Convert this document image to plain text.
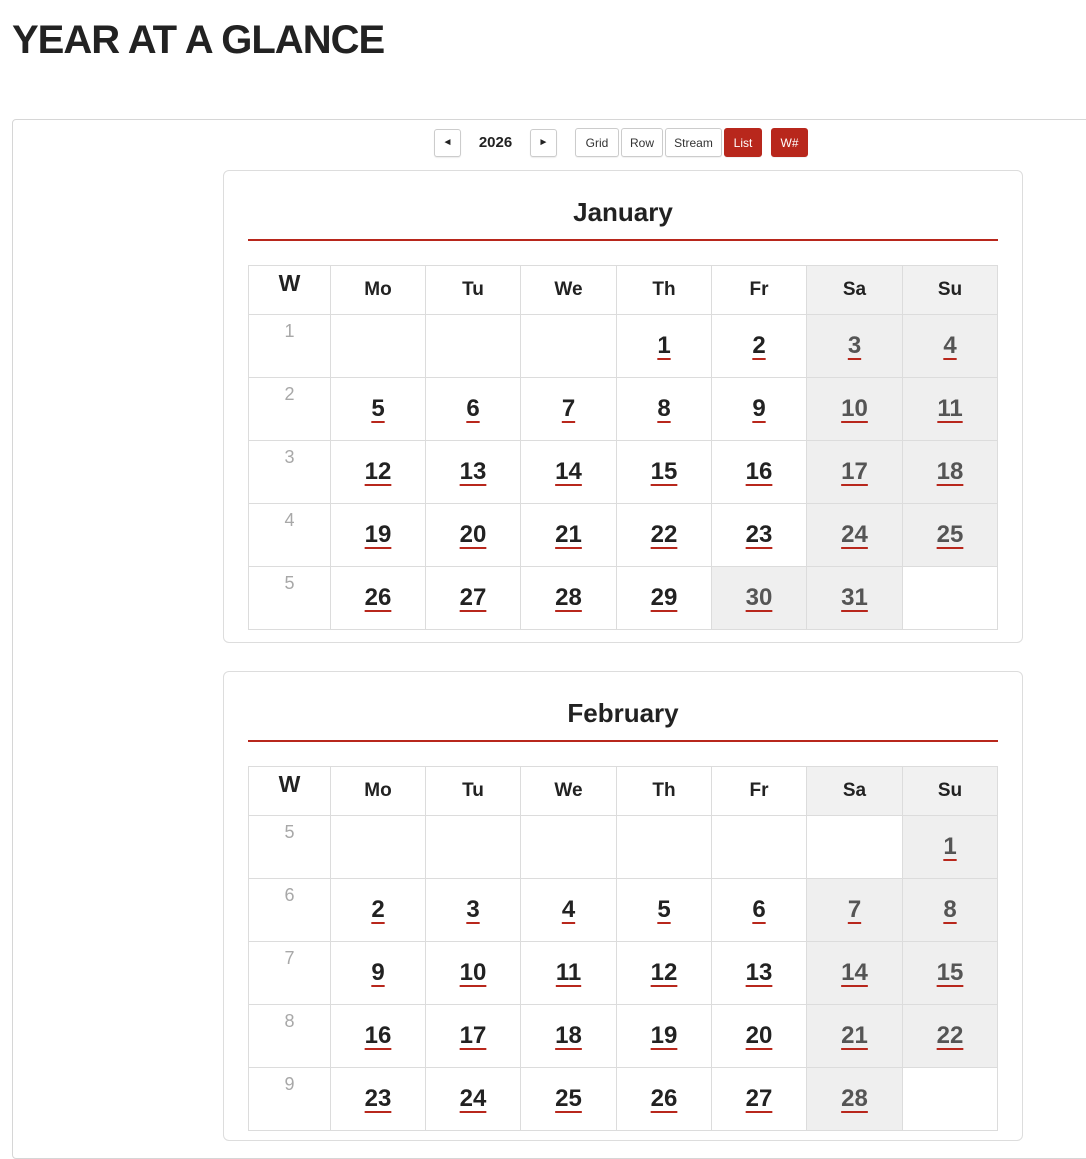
YEAR AT A GLANCE
◄	2026	►	Grid	Row	Stream	List	W#
January
W	Mo	Tu	We	Th	Fr	Sa	Su
1				1	2	3	4
2	5	6	7	8	9	10	11
3	12	13	14	15	16	17	18
4	19	20	21	22	23	24	25
5	26	27	28	29	30	31	
February
W	Mo	Tu	We	Th	Fr	Sa	Su
5							1
6	2	3	4	5	6	7	8
7	9	10	11	12	13	14	15
8	16	17	18	19	20	21	22
9	23	24	25	26	27	28	
